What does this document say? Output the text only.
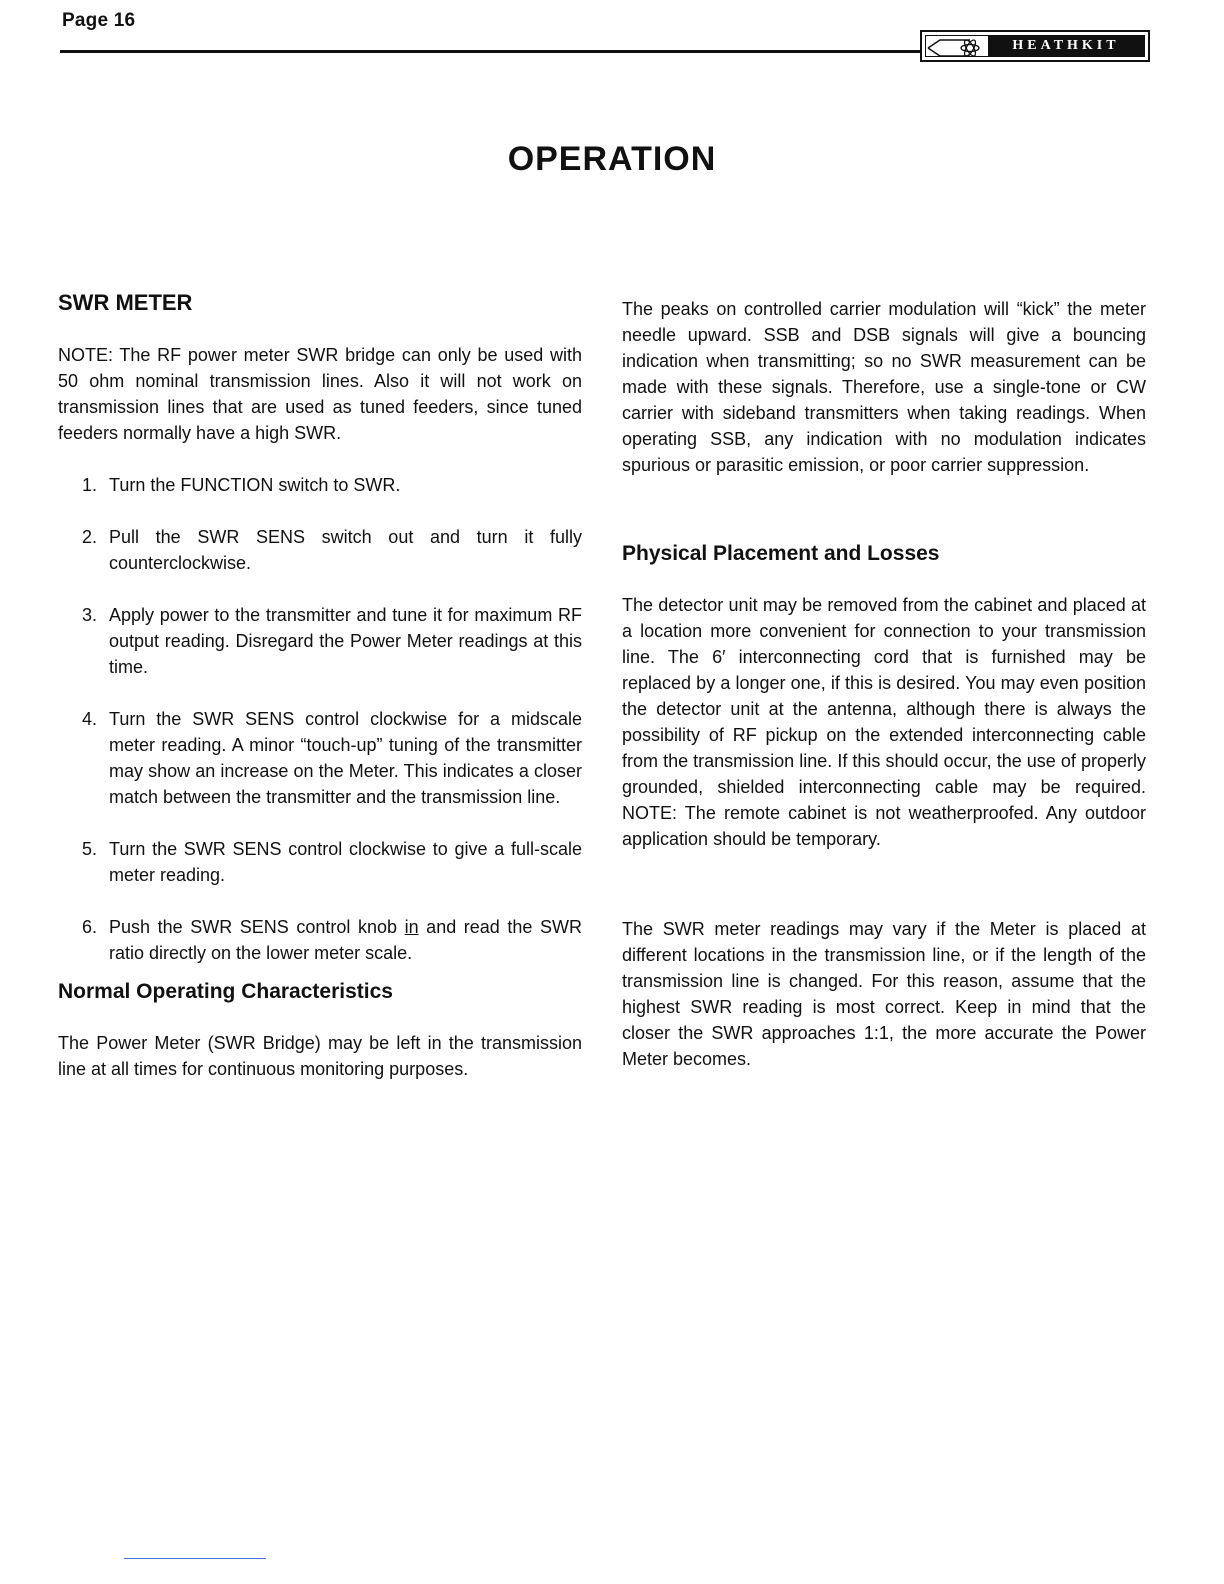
Page 16
HEATHKIT
OPERATION
SWR METER

NOTE: The RF power meter SWR bridge can only be used with 50 ohm nominal transmission lines. Also it will not work on transmission lines that are used as tuned feeders, since tuned feeders normally have a high SWR.

1. Turn the FUNCTION switch to SWR.
2. Pull the SWR SENS switch out and turn it fully counterclockwise.
3. Apply power to the transmitter and tune it for maximum RF output reading. Disregard the Power Meter readings at this time.
4. Turn the SWR SENS control clockwise for a midscale meter reading. A minor “touch-up” tuning of the transmitter may show an increase on the Meter. This indicates a closer match between the transmitter and the transmission line.
5. Turn the SWR SENS control clockwise to give a full-scale meter reading.
6. Push the SWR SENS control knob in and read the SWR ratio directly on the lower meter scale.
Normal Operating Characteristics

The Power Meter (SWR Bridge) may be left in the transmission line at all times for continuous monitoring purposes.

The peaks on controlled carrier modulation will “kick” the meter needle upward. SSB and DSB signals will give a bouncing indication when transmitting; so no SWR measurement can be made with these signals. Therefore, use a single-tone or CW carrier with sideband transmitters when taking readings. When operating SSB, any indication with no modulation indicates spurious or parasitic emission, or poor carrier suppression.

Physical Placement and Losses

The detector unit may be removed from the cabinet and placed at a location more convenient for connection to your transmission line. The 6′ interconnecting cord that is furnished may be replaced by a longer one, if this is desired. You may even position the detector unit at the antenna, although there is always the possibility of RF pickup on the extended interconnecting cable from the transmission line. If this should occur, the use of properly grounded, shielded interconnecting cable may be required. NOTE: The remote cabinet is not weatherproofed. Any outdoor application should be temporary.

The SWR meter readings may vary if the Meter is placed at different locations in the transmission line, or if the length of the transmission line is changed. For this reason, assume that the highest SWR reading is most correct. Keep in mind that the closer the SWR approaches 1:1, the more accurate the Power Meter becomes.
